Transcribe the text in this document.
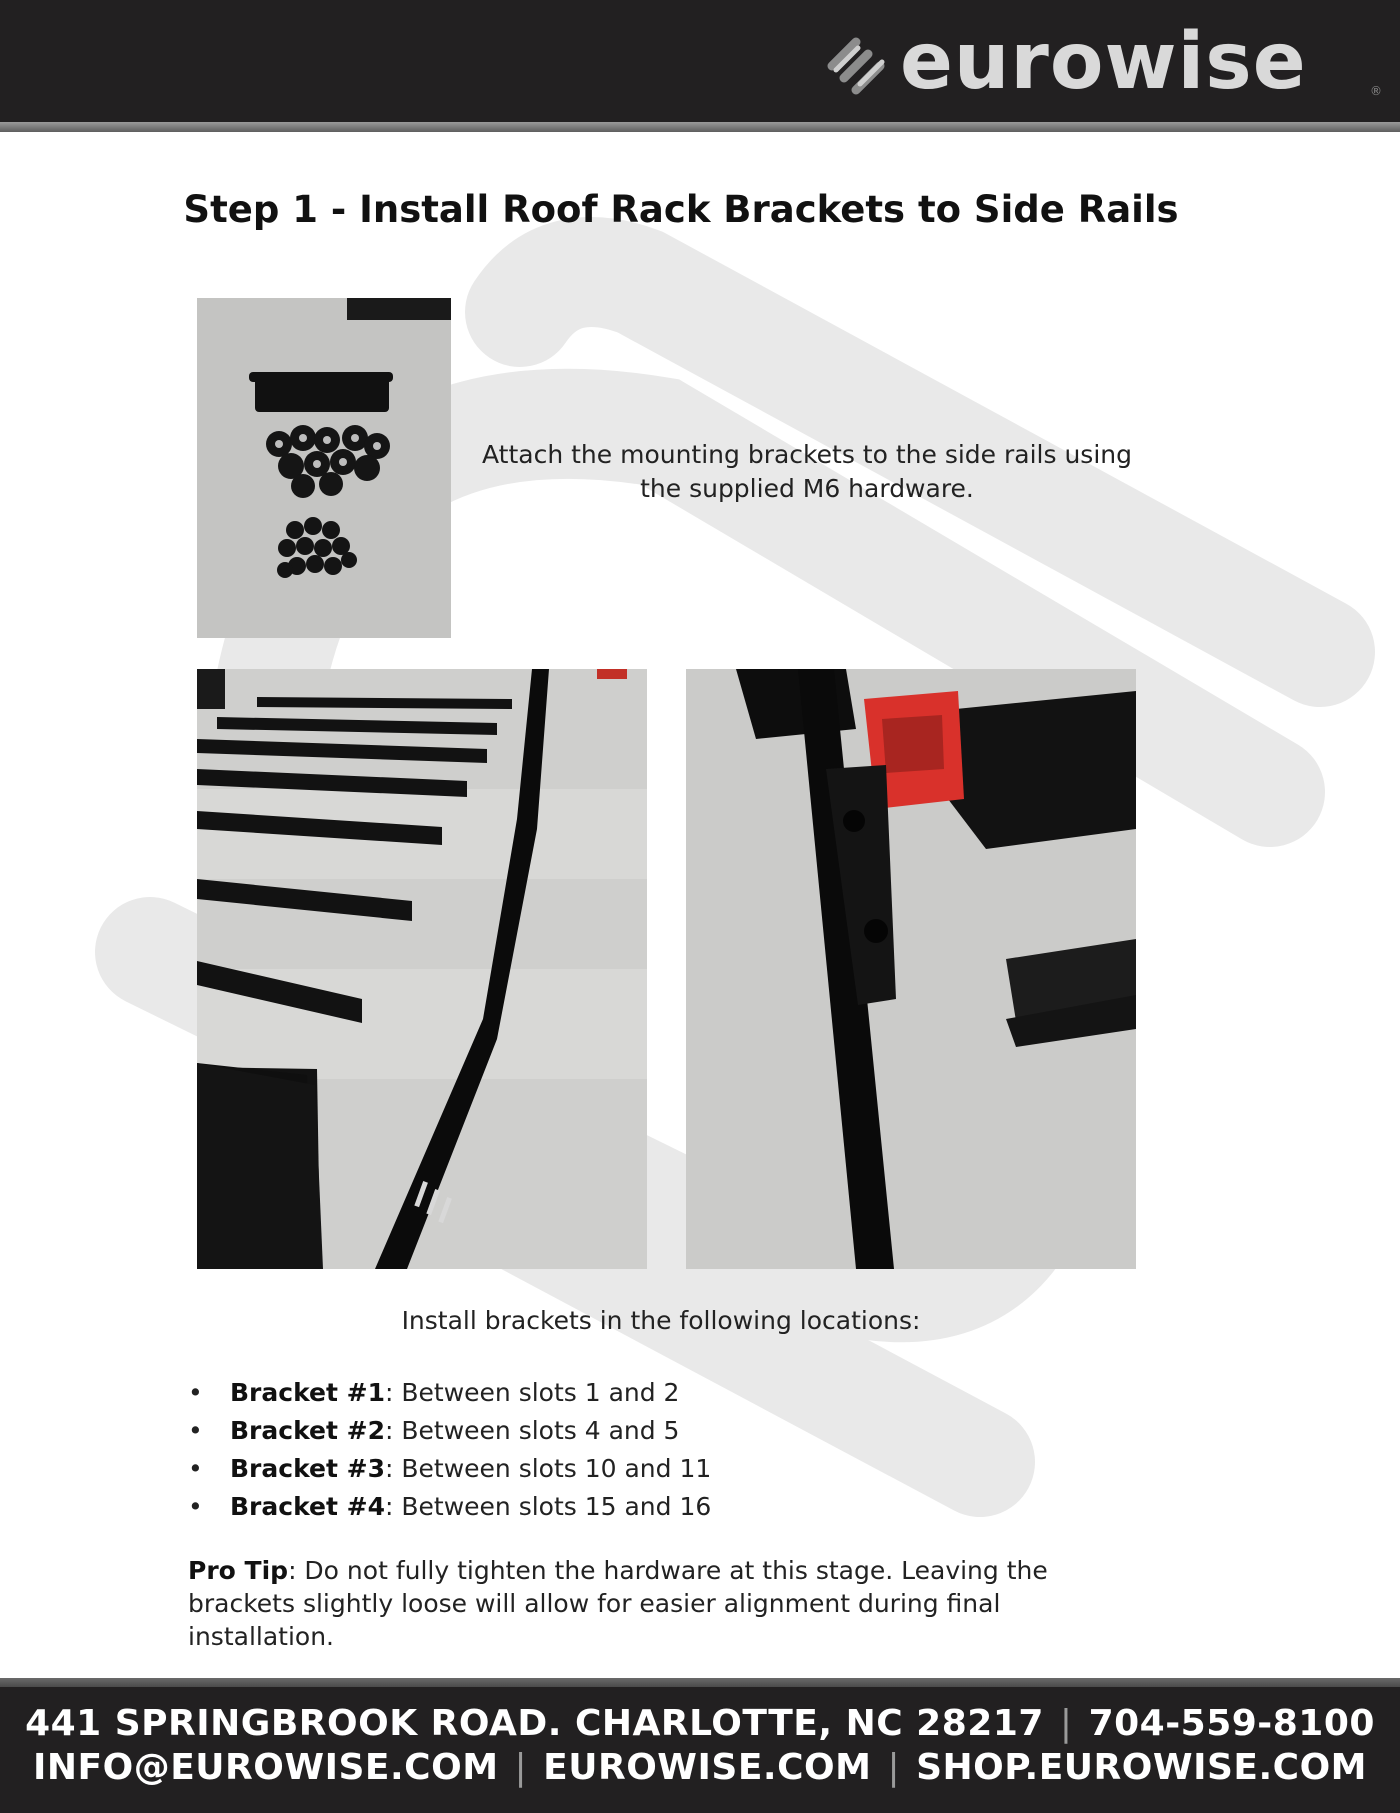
eurowise	®
Step 1 - Install Roof Rack Brackets to Side Rails
Attach the mounting brackets to the side rails using the supplied M6 hardware.
Install brackets in the following locations:
• Bracket #1: Between slots 1 and 2
• Bracket #2: Between slots 4 and 5
• Bracket #3: Between slots 10 and 11
• Bracket #4: Between slots 15 and 16
Pro Tip: Do not fully tighten the hardware at this stage. Leaving the brackets slightly loose will allow for easier alignment during final installation.
441 SPRINGBROOK ROAD. CHARLOTTE, NC 28217 | 704-559-8100
INFO@EUROWISE.COM | EUROWISE.COM | SHOP.EUROWISE.COM
